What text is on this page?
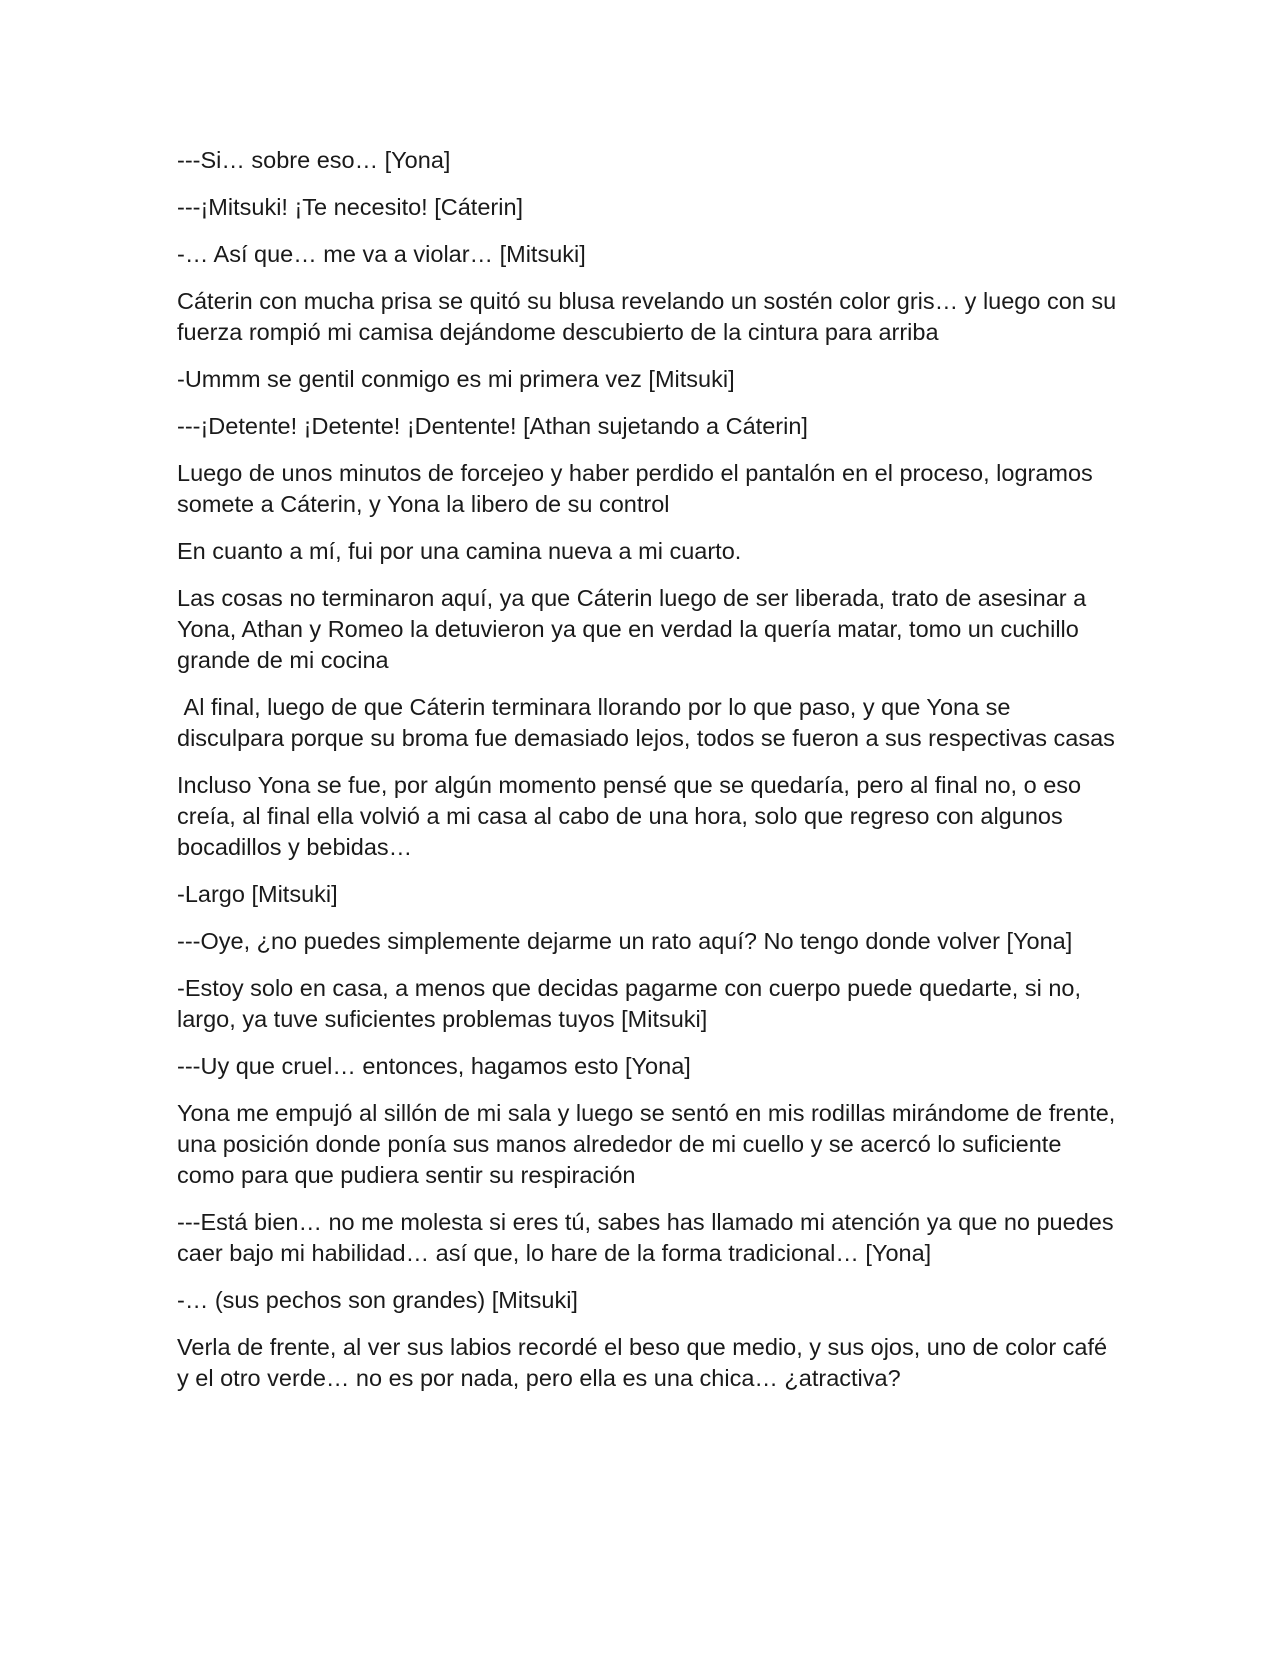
---Si… sobre eso… [Yona]

---¡Mitsuki! ¡Te necesito! [Cáterin]

-… Así que… me va a violar… [Mitsuki]

Cáterin con mucha prisa se quitó su blusa revelando un sostén color gris… y luego con su fuerza rompió mi camisa dejándome descubierto de la cintura para arriba

-Ummm se gentil conmigo es mi primera vez [Mitsuki]

---¡Detente! ¡Detente! ¡Dentente! [Athan sujetando a Cáterin]

Luego de unos minutos de forcejeo y haber perdido el pantalón en el proceso, logramos somete a Cáterin, y Yona la libero de su control

En cuanto a mí, fui por una camina nueva a mi cuarto.

Las cosas no terminaron aquí, ya que Cáterin luego de ser liberada, trato de asesinar a Yona, Athan y Romeo la detuvieron ya que en verdad la quería matar, tomo un cuchillo grande de mi cocina

Al final, luego de que Cáterin terminara llorando por lo que paso, y que Yona se disculpara porque su broma fue demasiado lejos, todos se fueron a sus respectivas casas

Incluso Yona se fue, por algún momento pensé que se quedaría, pero al final no, o eso creía, al final ella volvió a mi casa al cabo de una hora, solo que regreso con algunos bocadillos y bebidas…

-Largo [Mitsuki]

---Oye, ¿no puedes simplemente dejarme un rato aquí? No tengo donde volver [Yona]

-Estoy solo en casa, a menos que decidas pagarme con cuerpo puede quedarte, si no, largo, ya tuve suficientes problemas tuyos [Mitsuki]

---Uy que cruel… entonces, hagamos esto [Yona]

Yona me empujó al sillón de mi sala y luego se sentó en mis rodillas mirándome de frente, una posición donde ponía sus manos alrededor de mi cuello y se acercó lo suficiente como para que pudiera sentir su respiración

---Está bien… no me molesta si eres tú, sabes has llamado mi atención ya que no puedes caer bajo mi habilidad… así que, lo hare de la forma tradicional… [Yona]

-… (sus pechos son grandes) [Mitsuki]

Verla de frente, al ver sus labios recordé el beso que medio, y sus ojos, uno de color café y el otro verde… no es por nada, pero ella es una chica… ¿atractiva?
